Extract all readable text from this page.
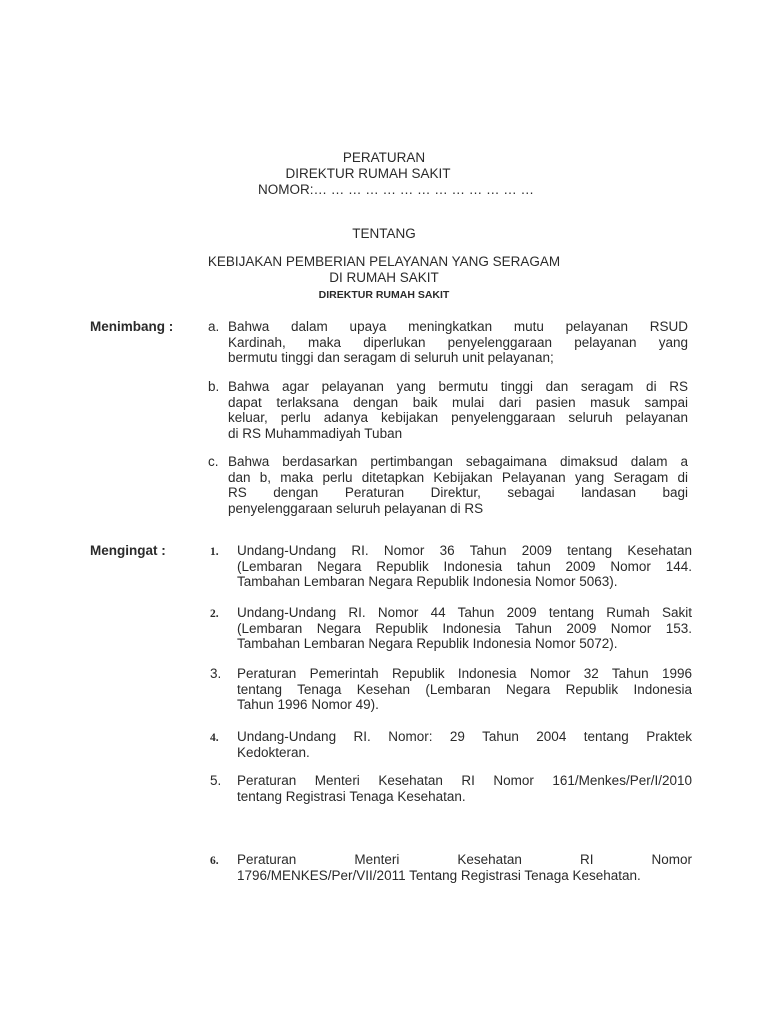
PERATURAN
DIREKTUR RUMAH SAKIT
NOMOR:… … … … … … … … … … … … …
TENTANG
KEBIJAKAN PEMBERIAN PELAYANAN YANG SERAGAM
DI RUMAH SAKIT
DIREKTUR RUMAH SAKIT
Menimbang :	a. Bahwa dalam upaya meningkatkan mutu pelayanan RSUD
Kardinah, maka diperlukan penyelenggaraan pelayanan yang
bermutu tinggi dan seragam di seluruh unit pelayanan;
b. Bahwa agar pelayanan yang bermutu tinggi dan seragam di RS
dapat terlaksana dengan baik mulai dari pasien masuk sampai
keluar, perlu adanya kebijakan penyelenggaraan seluruh pelayanan
di RS Muhammadiyah Tuban
c. Bahwa berdasarkan pertimbangan sebagaimana dimaksud dalam a
dan b, maka perlu ditetapkan Kebijakan Pelayanan yang Seragam di
RS dengan Peraturan Direktur, sebagai landasan bagi
penyelenggaraan seluruh pelayanan di RS
Mengingat :	1. Undang-Undang RI. Nomor 36 Tahun 2009 tentang Kesehatan
(Lembaran Negara Republik Indonesia tahun 2009 Nomor 144.
Tambahan Lembaran Negara Republik Indonesia Nomor 5063).
2. Undang-Undang RI. Nomor 44 Tahun 2009 tentang Rumah Sakit
(Lembaran Negara Republik Indonesia Tahun 2009 Nomor 153.
Tambahan Lembaran Negara Republik Indonesia Nomor 5072).
3. Peraturan Pemerintah Republik Indonesia Nomor 32 Tahun 1996
tentang Tenaga Kesehan (Lembaran Negara Republik Indonesia
Tahun 1996 Nomor 49).
4. Undang-Undang RI. Nomor: 29 Tahun 2004 tentang Praktek
Kedokteran.
5. Peraturan Menteri Kesehatan RI Nomor 161/Menkes/Per/I/2010
tentang Registrasi Tenaga Kesehatan.
6. Peraturan Menteri Kesehatan RI Nomor
1796/MENKES/Per/VII/2011 Tentang Registrasi Tenaga Kesehatan.
